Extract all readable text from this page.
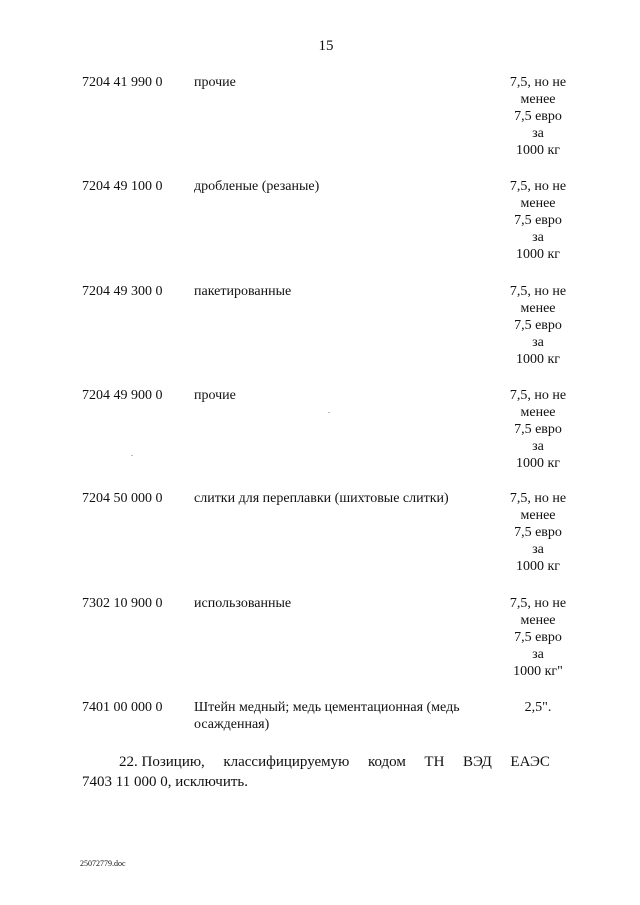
15
7204 41 990 0 прочие	7,5, но не
менее
7,5 евро
за
1000 кг
7204 49 100 0 дробленые (резаные)	7,5, но не
менее
7,5 евро
за
1000 кг
7204 49 300 0 пакетированные	7,5, но не
менее
7,5 евро
за
1000 кг
7204 49 900 0 прочие	7,5, но не
менее
7,5 евро
за
1000 кг
7204 50 000 0 слитки для переплавки (шихтовые слитки)	7,5, но не
менее
7,5 евро
за
1000 кг
7302 10 900 0 использованные	7,5, но не
менее
7,5 евро
за
1000 кг"
7401 00 000 0 Штейн медный; медь цементационная (медь осажденная)
2,5".
22. Позицию, классифицируемую кодом ТН ВЭД ЕАЭС
7403 11 000 0, исключить.
25072779.doc
